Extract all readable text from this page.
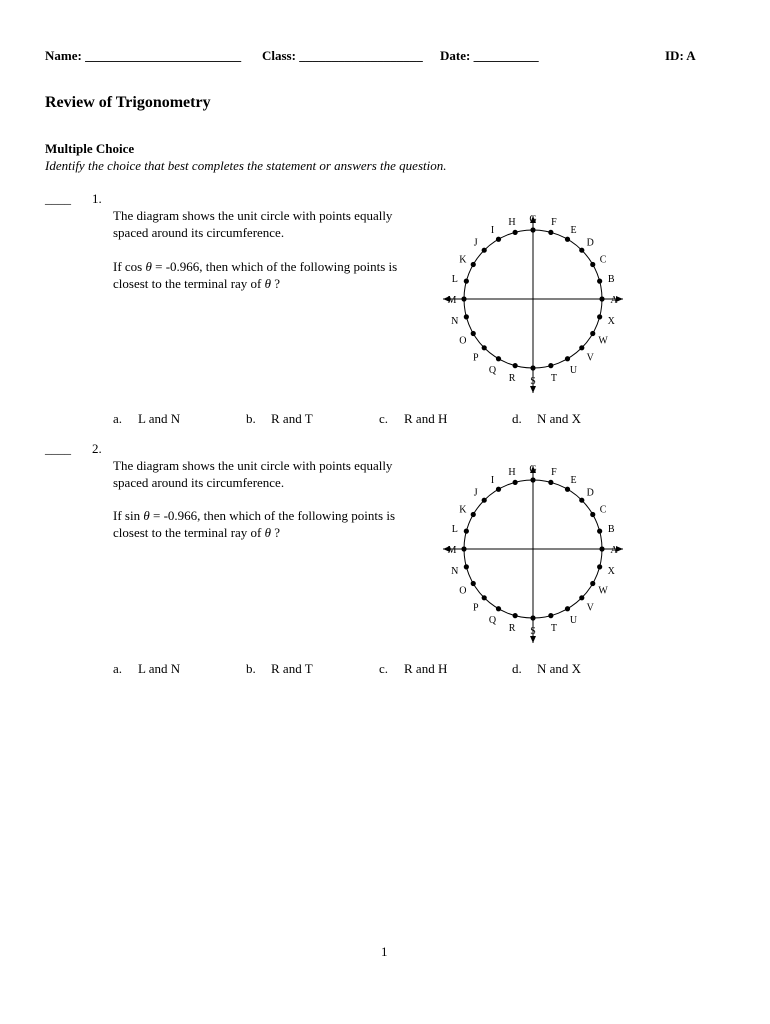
Name: ________________________ Class: ___________________ Date: __________	ID: A
Review of Trigonometry
Multiple Choice
Identify the choice that best completes the statement or answers the question.
____ 1.
The diagram shows the unit circle with points equally spaced around its circumference.
If cos θ = -0.966, then which of the following points is closest to the terminal ray of θ ?
A
B
C
D
E
F
G
H
I
J
K
L
M
N
O
P
Q
R S T
U
V
W
X
a. L and N	b. R and T	c. R and H	d. N and X
____ 2.
The diagram shows the unit circle with points equally spaced around its circumference.
If sin θ = -0.966, then which of the following points is closest to the terminal ray of θ ?
A
B
C
D
E
F
G
H
I
J
K
L
M
N
O
P
Q
R S T
U
V
W
X
a. L and N	b. R and T	c. R and H	d. N and X
1
